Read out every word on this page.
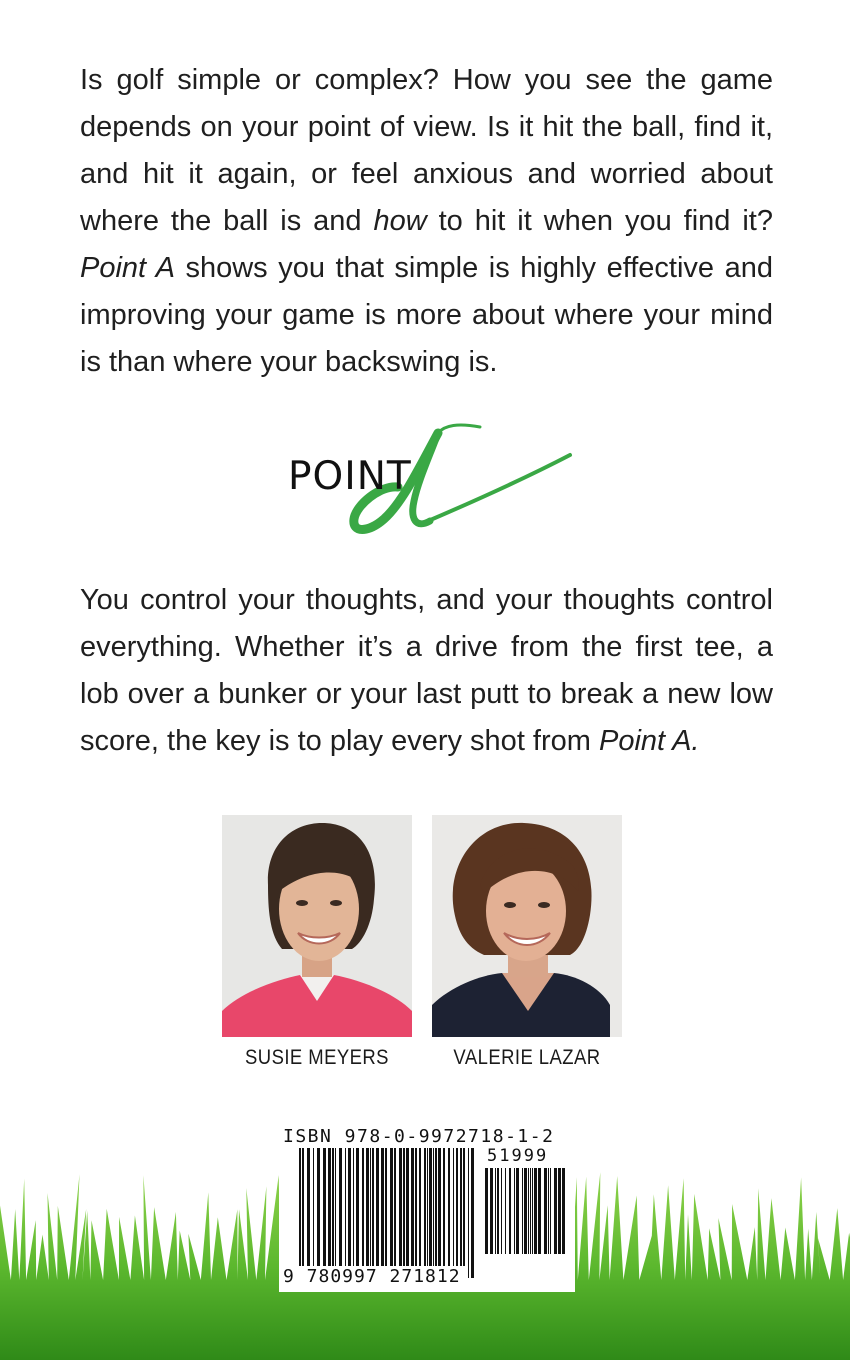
Is golf simple or complex? How you see the game depends on your point of view. Is it hit the ball, find it, and hit it again, or feel anxious and worried about where the ball is and how to hit it when you find it? Point A shows you that simple is highly effective and improving your game is more about where your mind is than where your backswing is.

POINT

You control your thoughts, and your thoughts control everything. Whether it’s a drive from the first tee, a lob over a bunker or your last putt to break a new low score, the key is to play every shot from Point A.

SUSIE MEYERS	VALERIE LAZAR
ISBN 978-0-9972718-1-2
51999
9 780997 271812
